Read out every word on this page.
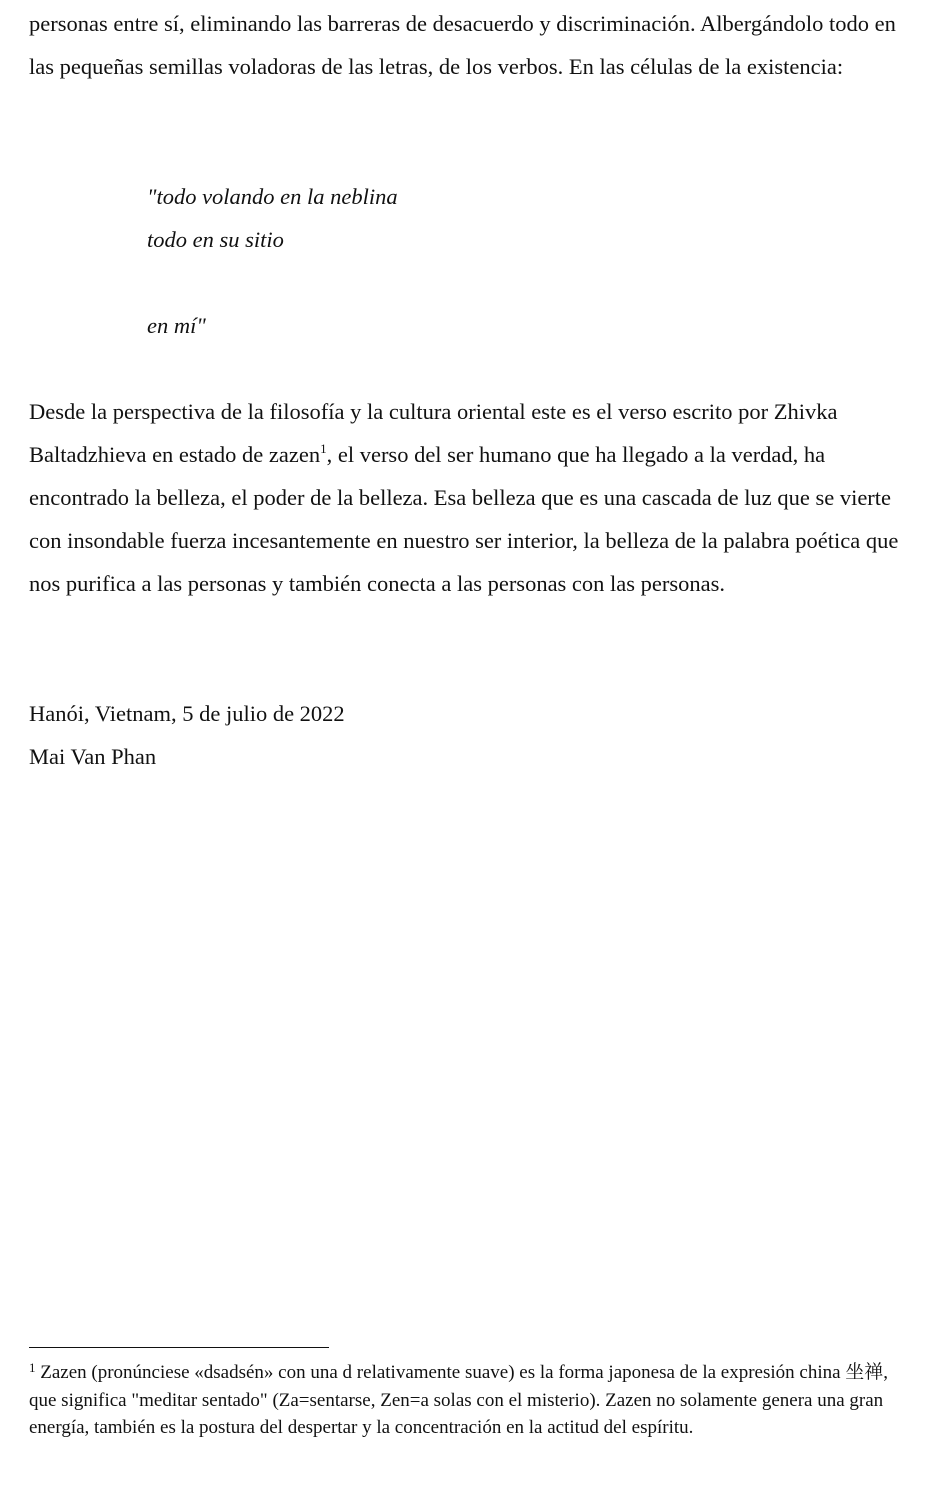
personas entre sí, eliminando las barreras de desacuerdo y discriminación. Albergándolo todo en las pequeñas semillas voladoras de las letras, de los verbos. En las células de la existencia:

"todo volando en la neblina
todo en su sitio
en mí"

Desde la perspectiva de la filosofía y la cultura oriental este es el verso escrito por Zhivka Baltadzhieva en estado de zazen$^1$, el verso del ser humano que ha llegado a la verdad, ha encontrado la belleza, el poder de la belleza. Esa belleza que es una cascada de luz que se vierte con insondable fuerza incesantemente en nuestro ser interior, la belleza de la palabra poética que nos purifica a las personas y también conecta a las personas con las personas.

Hanói, Vietnam, 5 de julio de 2022
Mai Van Phan

$^1$ Zazen (pronúnciese «dsadsén» con una d relativamente suave) es la forma japonesa de la expresión china 坐禅, que significa "meditar sentado" (Za=sentarse, Zen=a solas con el misterio). Zazen no solamente genera una gran energía, también es la postura del despertar y la concentración en la actitud del espíritu.
